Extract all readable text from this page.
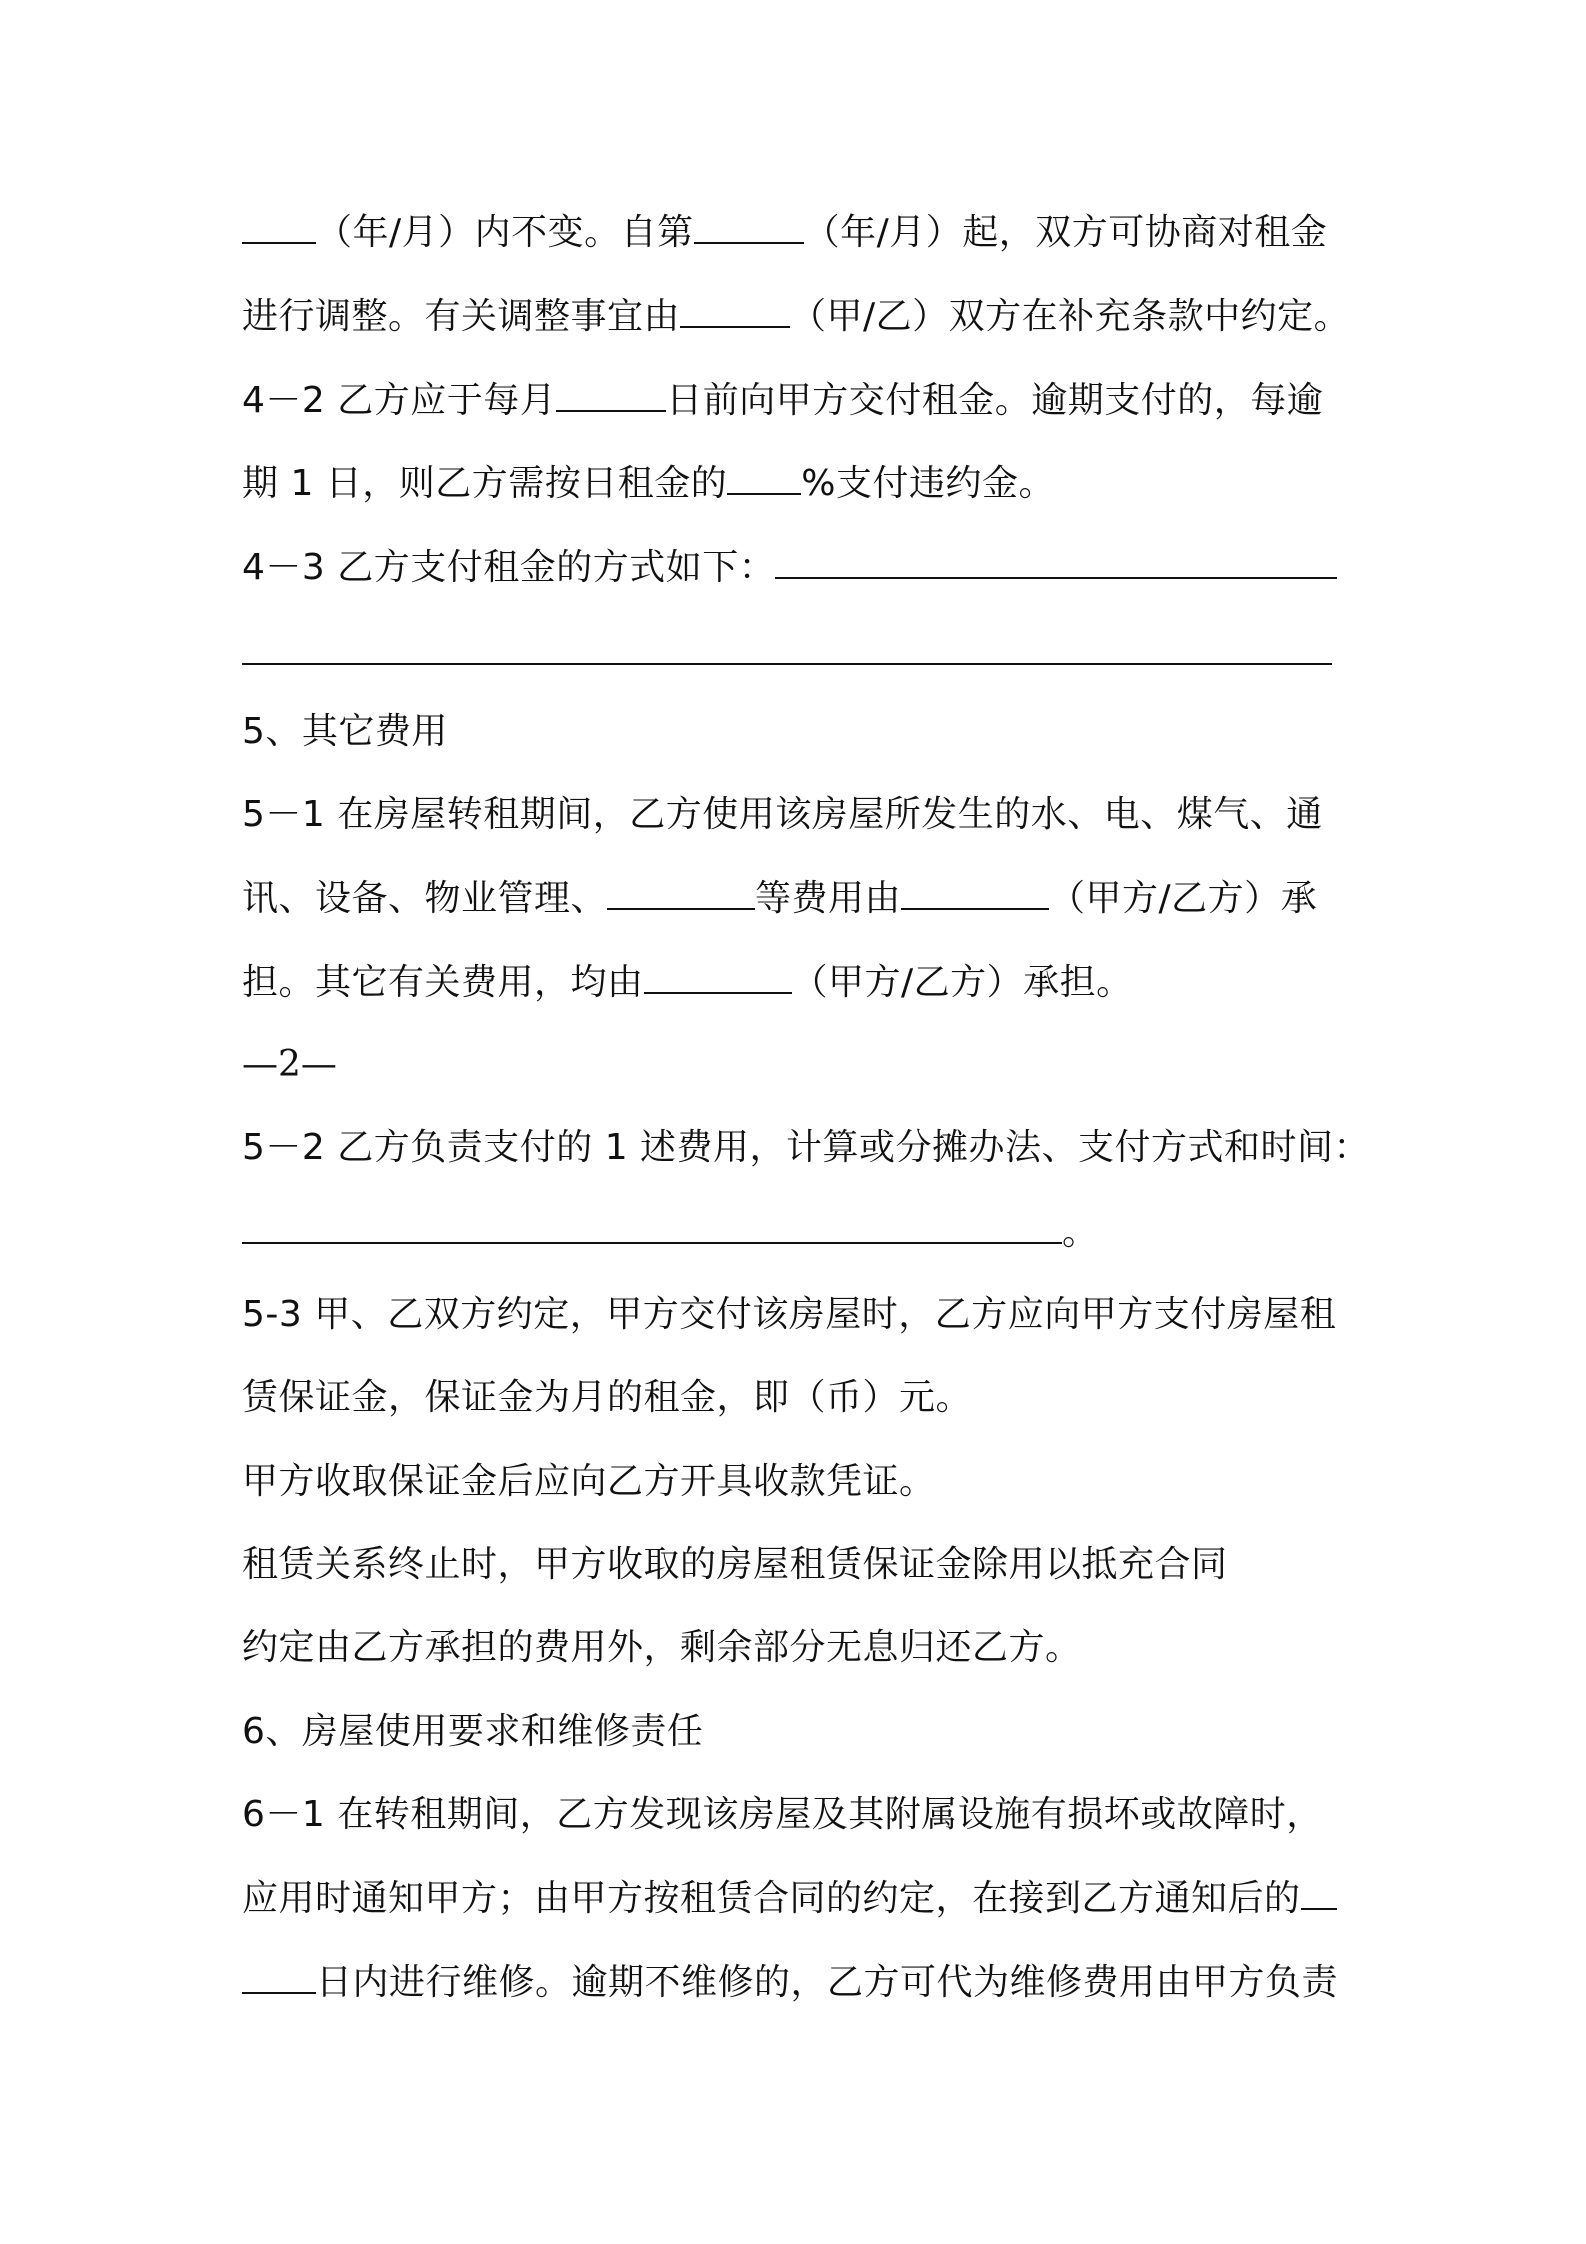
（年/月）内不变。自第	（年/月）起，双方可协商对租金
进行调整。有关调整事宜由	（甲/乙）双方在补充条款中约定。
4－2 乙方应于每月	日前向甲方交付租金。逾期支付的，每逾
期 1 日，则乙方需按日租金的 %支付违约金。
4－3 乙方支付租金的方式如下：
5、其它费用
5－1 在房屋转租期间，乙方使用该房屋所发生的水、电、煤气、通
讯、设备、物业管理、	等费用由	（甲方/乙方）承
担。其它有关费用，均由	（甲方/乙方）承担。
—2—
5－2 乙方负责支付的 1 述费用，计算或分摊办法、支付方式和时间：
。
5-3 甲、乙双方约定，甲方交付该房屋时，乙方应向甲方支付房屋租
赁保证金，保证金为月的租金，即（币）元。
甲方收取保证金后应向乙方开具收款凭证。
租赁关系终止时，甲方收取的房屋租赁保证金除用以抵充合同
约定由乙方承担的费用外，剩余部分无息归还乙方。
6、房屋使用要求和维修责任
6－1 在转租期间，乙方发现该房屋及其附属设施有损坏或故障时，
应用时通知甲方；由甲方按租赁合同的约定，在接到乙方通知后的
日内进行维修。逾期不维修的，乙方可代为维修费用由甲方负责
